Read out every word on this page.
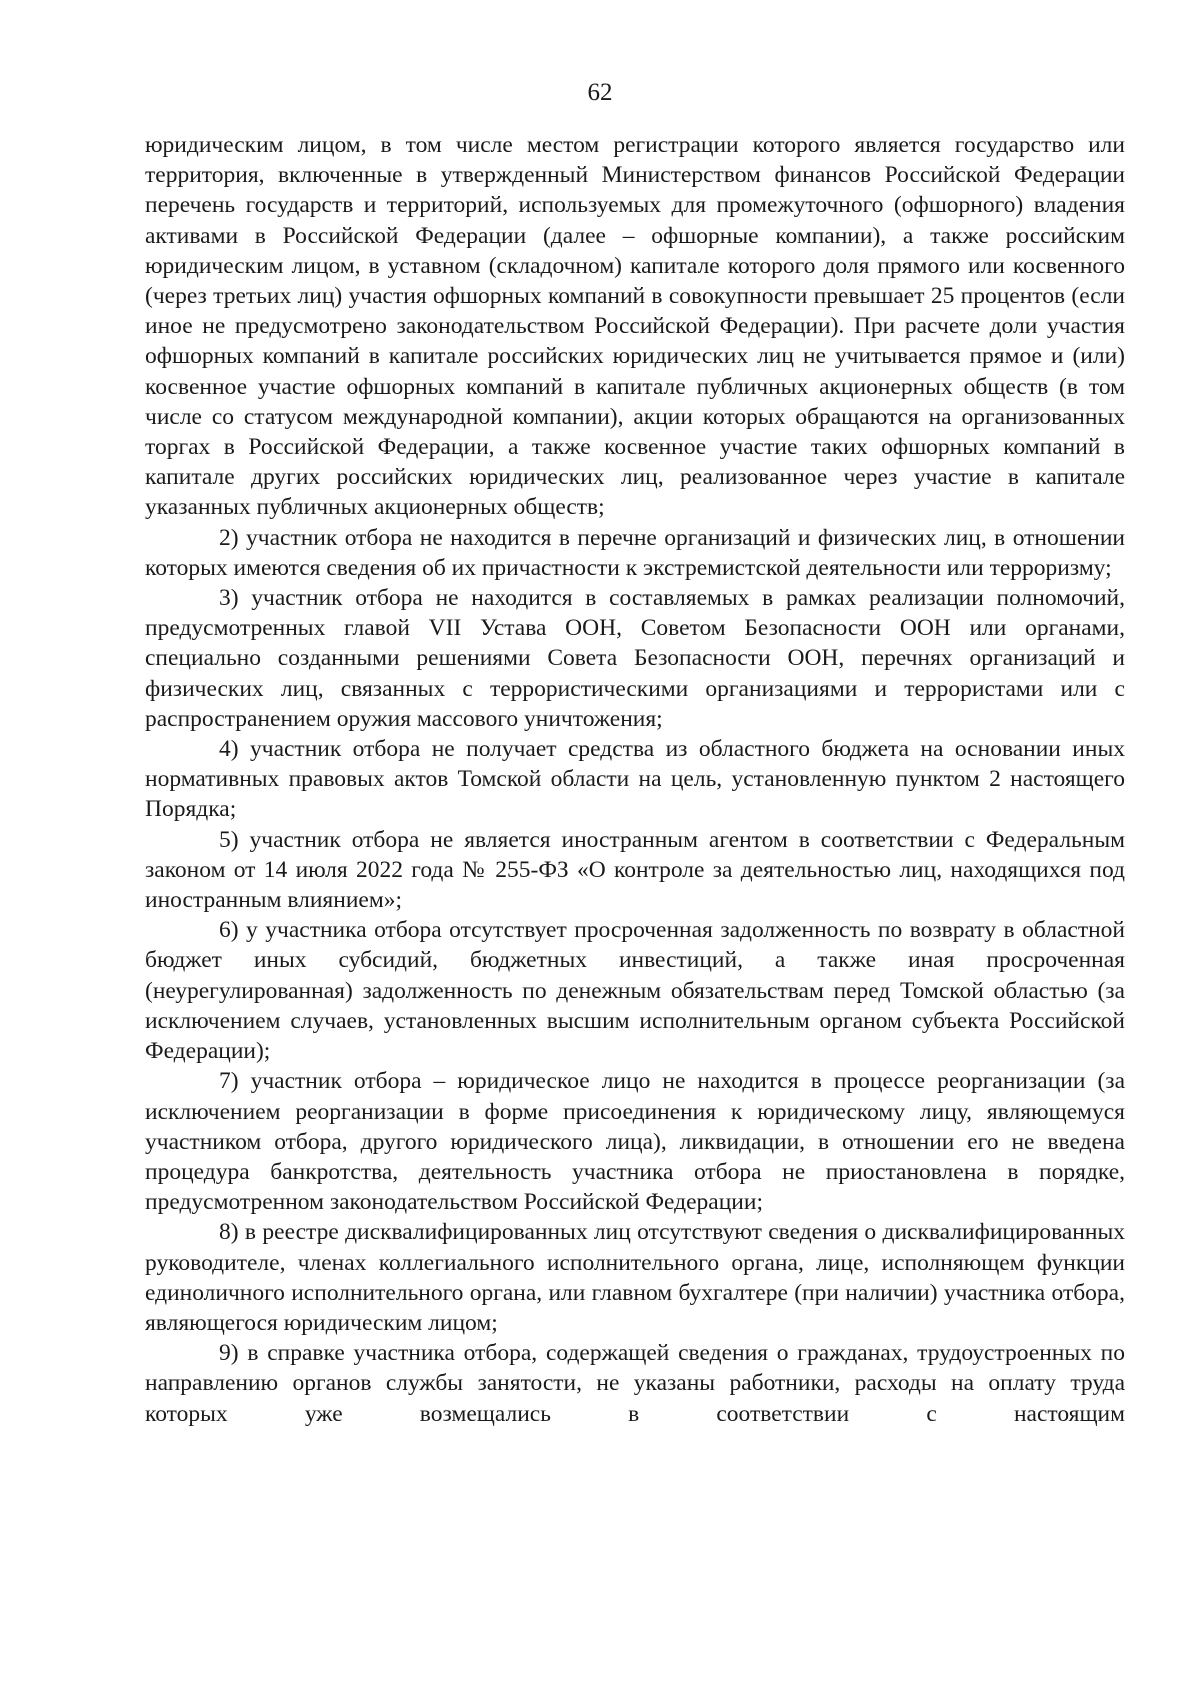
62

юридическим лицом, в том числе местом регистрации которого является государство или территория, включенные в утвержденный Министерством финансов Российской Федерации перечень государств и территорий, используемых для промежуточного (офшорного) владения активами в Российской Федерации (далее – офшорные компании), а также российским юридическим лицом, в уставном (складочном) капитале которого доля прямого или косвенного (через третьих лиц) участия офшорных компаний в совокупности превышает 25 процентов (если иное не предусмотрено законодательством Российской Федерации). При расчете доли участия офшорных компаний в капитале российских юридических лиц не учитывается прямое и (или) косвенное участие офшорных компаний в капитале публичных акционерных обществ (в том числе со статусом международной компании), акции которых обращаются на организованных торгах в Российской Федерации, а также косвенное участие таких офшорных компаний в капитале других российских юридических лиц, реализованное через участие в капитале указанных публичных акционерных обществ;

2) участник отбора не находится в перечне организаций и физических лиц, в отношении которых имеются сведения об их причастности к экстремистской деятельности или терроризму;

3) участник отбора не находится в составляемых в рамках реализации полномочий, предусмотренных главой VII Устава ООН, Советом Безопасности ООН или органами, специально созданными решениями Совета Безопасности ООН, перечнях организаций и физических лиц, связанных с террористическими организациями и террористами или с распространением оружия массового уничтожения;

4) участник отбора не получает средства из областного бюджета на основании иных нормативных правовых актов Томской области на цель, установленную пунктом 2 настоящего Порядка;

5) участник отбора не является иностранным агентом в соответствии с Федеральным законом от 14 июля 2022 года № 255-ФЗ «О контроле за деятельностью лиц, находящихся под иностранным влиянием»;

6) у участника отбора отсутствует просроченная задолженность по возврату в областной бюджет иных субсидий, бюджетных инвестиций, а также иная просроченная (неурегулированная) задолженность по денежным обязательствам перед Томской областью (за исключением случаев, установленных высшим исполнительным органом субъекта Российской Федерации);

7) участник отбора – юридическое лицо не находится в процессе реорганизации (за исключением реорганизации в форме присоединения к юридическому лицу, являющемуся участником отбора, другого юридического лица), ликвидации, в отношении его не введена процедура банкротства, деятельность участника отбора не приостановлена в порядке, предусмотренном законодательством Российской Федерации;

8) в реестре дисквалифицированных лиц отсутствуют сведения о дисквалифицированных руководителе, членах коллегиального исполнительного органа, лице, исполняющем функции единоличного исполнительного органа, или главном бухгалтере (при наличии) участника отбора, являющегося юридическим лицом;

9) в справке участника отбора, содержащей сведения о гражданах, трудоустроенных по направлению органов службы занятости, не указаны работники, расходы на оплату труда которых уже возмещались в соответствии с настоящим
